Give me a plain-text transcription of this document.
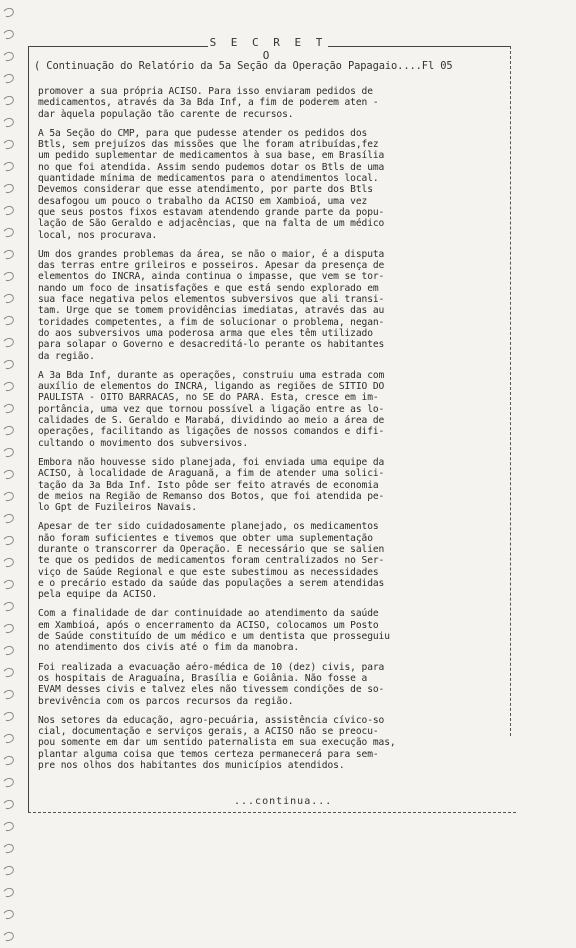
S E C R E T O
( Continuação do Relatório da 5a Seção da Operação Papagaio....Fl 05
promover a sua própria ACISO. Para isso enviaram pedidos de
medicamentos, através da 3a Bda Inf, a fim de poderem aten -
dar àquela população tão carente de recursos.
A 5a Seção do CMP, para que pudesse atender os pedidos dos
Btls, sem prejuízos das missões que lhe foram atribuídas,fez
um pedido suplementar de medicamentos à sua base, em Brasília
no que foi atendida. Assim sendo pudemos dotar os Btls de uma
quantidade mínima de medicamentos para o atendimentos local.
Devemos considerar que esse atendimento, por parte dos Btls
desafogou um pouco o trabalho da ACISO em Xambioá, uma vez
que seus postos fixos estavam atendendo grande parte da popu-
lação de São Geraldo e adjacências, que na falta de um médico
local, nos procurava.
Um dos grandes problemas da área, se não o maior, é a disputa
das terras entre grileiros e posseiros. Apesar da presença de
elementos do INCRA, ainda continua o impasse, que vem se tor-
nando um foco de insatisfações e que está sendo explorado em
sua face negativa pelos elementos subversivos que ali transi-
tam. Urge que se tomem providências imediatas, através das au
toridades competentes, a fim de solucionar o problema, negan-
do aos subversivos uma poderosa arma que eles têm utilizado
para solapar o Governo e desacreditá-lo perante os habitantes
da região.
A 3a Bda Inf, durante as operações, construiu uma estrada com
auxílio de elementos do INCRA, ligando as regiões de SÍTIO DO
PAULISTA - OITO BARRACAS, no SE do PARÁ. Esta, cresce em im-
portância, uma vez que tornou possível a ligação entre as lo-
calidades de S. Geraldo e Marabá, dividindo ao meio a área de
operações, facilitando as ligações de nossos comandos e difi-
cultando o movimento dos subversivos.
Embora não houvesse sido planejada, foi enviada uma equipe da
ACISO, à localidade de Araguanã, a fim de atender uma solici-
tação da 3a Bda Inf. Isto pôde ser feito através de economia
de meios na Região de Remanso dos Botos, que foi atendida pe-
lo Gpt de Fuzileiros Navais.
Apesar de ter sido cuidadosamente planejado, os medicamentos
não foram suficientes e tivemos que obter uma suplementação
durante o transcorrer da Operação. É necessário que se salien
te que os pedidos de medicamentos foram centralizados no Ser-
viço de Saúde Regional e que este subestimou as necessidades
e o precário estado da saúde das populações a serem atendidas
pela equipe da ACISO.
Com a finalidade de dar continuidade ao atendimento da saúde
em Xambioá, após o encerramento da ACISO, colocamos um Posto
de Saúde constituído de um médico e um dentista que prosseguiu
no atendimento dos civis até o fim da manobra.
Foi realizada a evacuação aéro-médica de 10 (dez) civis, para
os hospitais de Araguaína, Brasília e Goiânia. Não fosse a
EVAM desses civis e talvez eles não tivessem condições de so-
brevivência com os parcos recursos da região.
Nos setores da educação, agro-pecuária, assistência cívico-so
cial, documentação e serviços gerais, a ACISO não se preocu-
pou somente em dar um sentido paternalista em sua execução mas,
plantar alguma coisa que temos certeza permanecerá para sem-
pre nos olhos dos habitantes dos municípios atendidos.
...continua...
